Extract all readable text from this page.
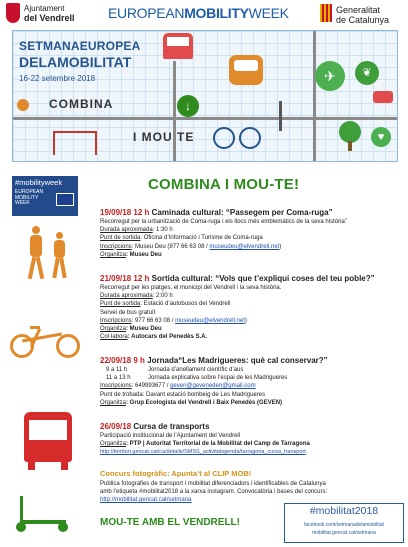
Ajuntament
del Vendrell EUROPEANMOBILITYWEEK	Generalitat
de Catalunya
SETMANAEUROPEA
DELAMOBILITAT
16-22 setembre 2018
COMBINA
I MOU TE
✈	❦
↓
♥
#mobilityweek
EUROPEAN
MOBILITY
WEEK
COMBINA I MOU-TE!
19/09/18 12 h Caminada cultural: “Passegem per Coma-ruga”
Recorregut per la urbanització de Coma-ruga i els llocs més emblemàtics de la seva història”
Durada aproximada: 1:30 h
Punt de sortida: Oficina d’Informació i Turisme de Coma-ruga
Inscripcions: Museu Deu (977 66 63 08 / museudeu@elvendrell.net)
Organitza: Museu Deu
21/09/18 12 h Sortida cultural: “Vols que t’expliqui coses del teu poble?”
Recorregut per les platges, el municipi del Vendrell i la seva història.
Durada aproximada: 2:00 h
Punt de sortida: Estació d’autobusos del Vendrell
Servei de bus gratuït
Inscripcions: 977 66 63 08 / museudeu@elvendrell.net)
Organitza: Museu Deu
Col·labora: Autocars del Penedès S.A.
22/09/18 9 h Jornada“Les Madrigueres: què cal conservar?”
9 a 11 h	Jornada d’anellament científic d’aus
11 a 13 h	Jornada explicativa sobre l’espai de les Madrigueres
Inscripcions: 649993677 / geven@geveneden@gmail.com
Punt de trobada: Davant estació bombeig de Les Madrigueres
Organitza: Grup Ecologista del Vendrell i Baix Penedès (GEVEN)
26/09/18 Cursa de transports
Participació institucional de l’Ajuntament del Vendrell
Organitza: PTP | Autoritat Territorial de la Mobilitat del Camp de Tarragona
http://territori.gencat.cat/ca/detalls/SMSS_activitatsgenda/tarragona_cursa_transport
Concurs fotogràfic: Apunta’t al CLIP MOB!
Publica fotografies de transport i mobilitat diferenciadors i identificables de Catalunya
amb l’etiqueta #mobilitat2018 a la xarxa instagram. Convocatòria i bases del concurs:
http://mobilitat.gencat.cat/setmana
MOU-TE AMB EL VENDRELL!
#mobilitat2018
facebook.com/setmanadelamobilitat
mobilitat.gencat.cat/setmana
